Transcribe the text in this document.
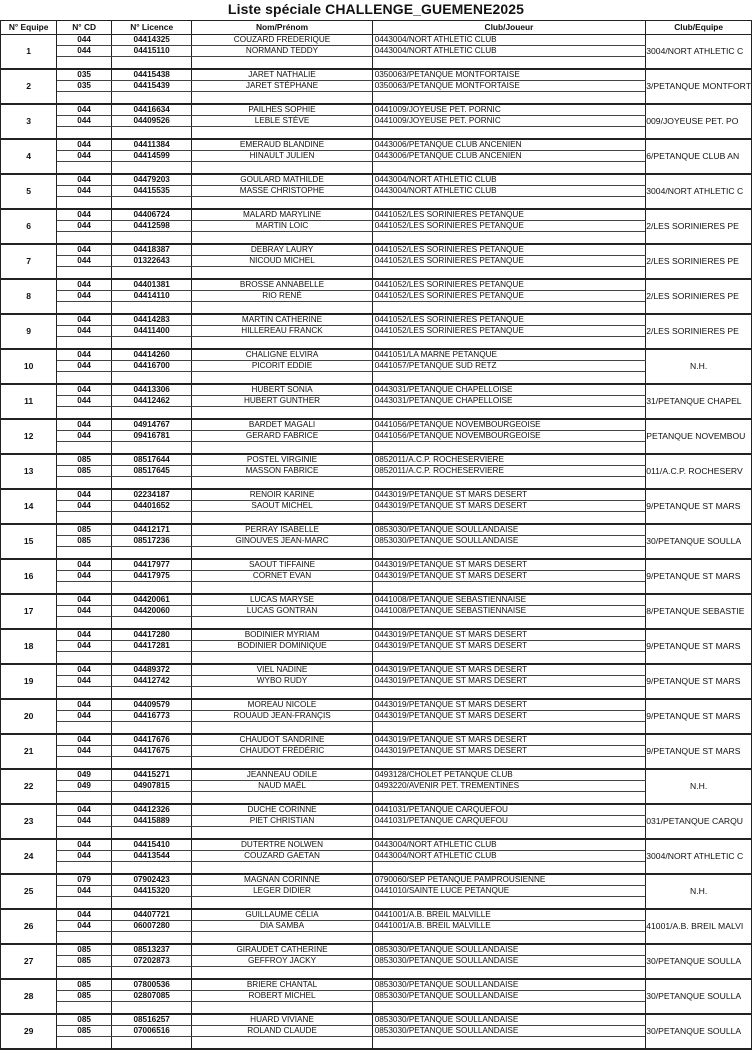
Liste spéciale CHALLENGE_GUEMENE2025
N° Equipe	N° CD	N° Licence	Nom/Prénom	Club/Joueur	Club/Equipe
1	044	04414325	COUZARD FREDERIQUE	0443004/NORT ATHLETIC CLUB	3004/NORT ATHLETIC C
	044	04415110	NORMAND TEDDY	0443004/NORT ATHLETIC CLUB	

2	035	04415438	JARET NATHALIE	0350063/PETANQUE MONTFORTAISE	3/PETANQUE MONTFORT
	035	04415439	JARET STÉPHANE	0350063/PETANQUE MONTFORTAISE	

3	044	04416634	PAILHES SOPHIE	0441009/JOYEUSE PET. PORNIC	009/JOYEUSE PET. PO
	044	04409526	LEBLE STÈVE	0441009/JOYEUSE PET. PORNIC	

4	044	04411384	EMERAUD BLANDINE	0443006/PETANQUE CLUB ANCENIEN	6/PETANQUE CLUB AN
	044	04414599	HINAULT JULIEN	0443006/PETANQUE CLUB ANCENIEN	

5	044	04479203	GOULARD MATHILDE	0443004/NORT ATHLETIC CLUB	3004/NORT ATHLETIC C
	044	04415535	MASSE CHRISTOPHE	0443004/NORT ATHLETIC CLUB	

6	044	04406724	MALARD MARYLINE	0441052/LES SORINIERES PETANQUE	2/LES SORINIERES PE
	044	04412598	MARTIN LOIC	0441052/LES SORINIERES PETANQUE	

7	044	04418387	DEBRAY LAURY	0441052/LES SORINIERES PETANQUE	2/LES SORINIERES PE
	044	01322643	NICOUD MICHEL	0441052/LES SORINIERES PETANQUE	

8	044	04401381	BROSSE ANNABELLE	0441052/LES SORINIERES PETANQUE	2/LES SORINIERES PE
	044	04414110	RIO RENÉ	0441052/LES SORINIERES PETANQUE	

9	044	04414283	MARTIN CATHERINE	0441052/LES SORINIERES PETANQUE	2/LES SORINIERES PE
	044	04411400	HILLEREAU FRANCK	0441052/LES SORINIERES PETANQUE	

10	044	04414260	CHALIGNE ELVIRA	0441051/LA MARNE PETANQUE	N.H.
	044	04416700	PICORIT EDDIE	0441057/PETANQUE SUD RETZ	

11	044	04413306	HUBERT SONIA	0443031/PETANQUE CHAPELLOISE	31/PETANQUE CHAPEL
	044	04412462	HUBERT GUNTHER	0443031/PETANQUE CHAPELLOISE	

12	044	04914767	BARDET MAGALI	0441056/PETANQUE NOVEMBOURGEOISE	PETANQUE NOVEMBOU
	044	09416781	GERARD FABRICE	0441056/PETANQUE NOVEMBOURGEOISE	

13	085	08517644	POSTEL VIRGINIE	0852011/A.C.P. ROCHESERVIERE	011/A.C.P. ROCHESERV
	085	08517645	MASSON FABRICE	0852011/A.C.P. ROCHESERVIERE	

14	044	02234187	RENOIR KARINE	0443019/PETANQUE ST MARS DESERT	9/PETANQUE ST MARS
	044	04401652	SAOUT MICHEL	0443019/PETANQUE ST MARS DESERT	

15	085	04412171	PERRAY ISABELLE	0853030/PETANQUE SOULLANDAISE	30/PETANQUE SOULLA
	085	08517236	GINOUVES JEAN-MARC	0853030/PETANQUE SOULLANDAISE	

16	044	04417977	SAOUT TIFFAINE	0443019/PETANQUE ST MARS DESERT	9/PETANQUE ST MARS
	044	04417975	CORNET EVAN	0443019/PETANQUE ST MARS DESERT	

17	044	04420061	LUCAS MARYSE	0441008/PETANQUE SEBASTIENNAISE	8/PETANQUE SEBASTIE
	044	04420060	LUCAS GONTRAN	0441008/PETANQUE SEBASTIENNAISE	

18	044	04417280	BODINIER MYRIAM	0443019/PETANQUE ST MARS DESERT	9/PETANQUE ST MARS
	044	04417281	BODINIER DOMINIQUE	0443019/PETANQUE ST MARS DESERT	

19	044	04489372	VIEL NADINE	0443019/PETANQUE ST MARS DESERT	9/PETANQUE ST MARS
	044	04412742	WYBO RUDY	0443019/PETANQUE ST MARS DESERT	

20	044	04409579	MOREAU NICOLE	0443019/PETANQUE ST MARS DESERT	9/PETANQUE ST MARS
	044	04416773	ROUAUD JEAN-FRANÇIS	0443019/PETANQUE ST MARS DESERT	

21	044	04417676	CHAUDOT SANDRINE	0443019/PETANQUE ST MARS DESERT	9/PETANQUE ST MARS
	044	04417675	CHAUDOT FRÉDÉRIC	0443019/PETANQUE ST MARS DESERT	

22	049	04415271	JEANNEAU ODILE	0493128/CHOLET PETANQUE CLUB	N.H.
	049	04907815	NAUD MAËL	0493220/AVENIR PET. TREMENTINES	

23	044	04412326	DUCHE CORINNE	0441031/PETANQUE CARQUEFOU	031/PETANQUE CARQU
	044	04415889	PIET CHRISTIAN	0441031/PETANQUE CARQUEFOU	

24	044	04415410	DUTERTRE NOLWEN	0443004/NORT ATHLETIC CLUB	3004/NORT ATHLETIC C
	044	04413544	COUZARD GAETAN	0443004/NORT ATHLETIC CLUB	

25	079	07902423	MAGNAN CORINNE	0790060/SEP PETANQUE PAMPROUSIENNE	N.H.
	044	04415320	LEGER DIDIER	0441010/SAINTE LUCE PETANQUE	

26	044	04407721	GUILLAUME CÉLIA	0441001/A.B. BREIL MALVILLE	41001/A.B. BREIL MALVI
	044	06007280	DIA SAMBA	0441001/A.B. BREIL MALVILLE	

27	085	08513237	GIRAUDET CATHERINE	0853030/PETANQUE SOULLANDAISE	30/PETANQUE SOULLA
	085	07202873	GEFFROY JACKY	0853030/PETANQUE SOULLANDAISE	

28	085	07800536	BRIERE CHANTAL	0853030/PETANQUE SOULLANDAISE	30/PETANQUE SOULLA
	085	02807085	ROBERT MICHEL	0853030/PETANQUE SOULLANDAISE	

29	085	08516257	HUARD VIVIANE	0853030/PETANQUE SOULLANDAISE	30/PETANQUE SOULLA
	085	07006516	ROLAND CLAUDE	0853030/PETANQUE SOULLANDAISE	
